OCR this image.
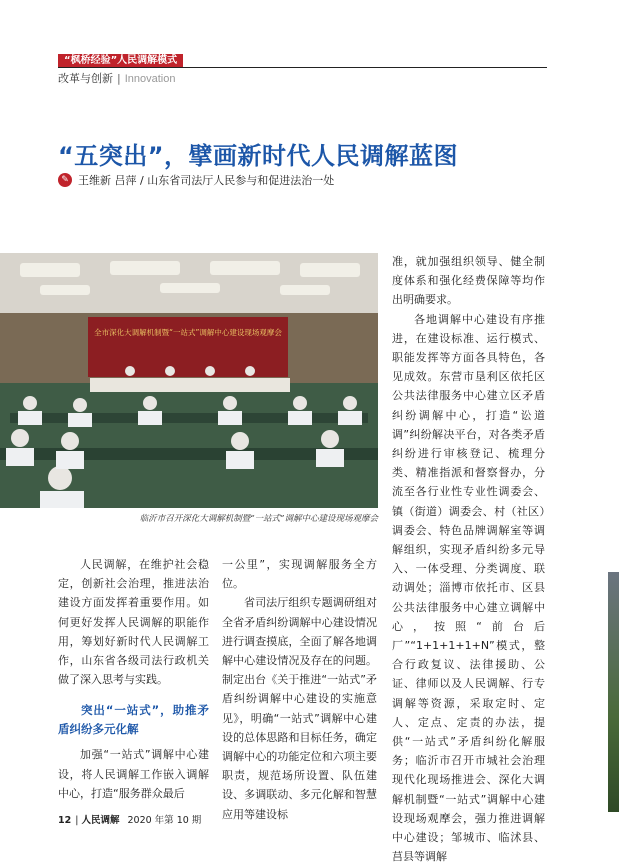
“枫桥经验”人民调解模式
改革与创新 | Innovation
“五突出”，擘画新时代人民调解蓝图
✎ 王维新 吕萍 / 山东省司法厅人民参与和促进法治一处
全市深化大调解机制暨“一站式”调解中心建设现场观摩会
临沂市召开深化大调解机制暨“一站式”调解中心建设现场观摩会

人民调解，在维护社会稳定，创新社会治理，推进法治建设方面发挥着重要作用。如何更好发挥人民调解的职能作用，筹划好新时代人民调解工作，山东省各级司法行政机关做了深入思考与实践。

突出“一站式”，助推矛盾纠纷多元化解

加强“一站式”调解中心建设，将人民调解工作嵌入调解中心，打造“服务群众最后

一公里”，实现调解服务全方位。

省司法厅组织专题调研组对全省矛盾纠纷调解中心建设情况进行调查摸底，全面了解各地调解中心建设情况及存在的问题。制定出台《关于推进“一站式”矛盾纠纷调解中心建设的实施意见》，明确“一站式”调解中心建设的总体思路和目标任务，确定调解中心的功能定位和六项主要职责，规范场所设置、队伍建设、多调联动、多元化解和智慧应用等建设标

准，就加强组织领导、健全制度体系和强化经费保障等均作出明确要求。

各地调解中心建设有序推进，在建设标准、运行模式、职能发挥等方面各具特色，各见成效。东营市垦利区依托区公共法律服务中心建立区矛盾纠纷调解中心，打造“讼道调”纠纷解决平台，对各类矛盾纠纷进行审核登记、梳理分类、精准指派和督察督办，分流至各行业性专业性调委会、镇（街道）调委会、村（社区）调委会、特色品牌调解室等调解组织，实现矛盾纠纷多元导入、一体受理、分类调度、联动调处；淄博市依托市、区县公共法律服务中心建立调解中心，按照“前台后厂”“1+1+1+1+N”模式，整合行政复议、法律援助、公证、律师以及人民调解、行专调解等资源，采取定时、定人、定点、定责的办法，提供“一站式”矛盾纠纷化解服务；临沂市召开市城社会治理现代化现场推进会、深化大调解机制暨“一站式”调解中心建设现场观摩会，强力推进调解中心建设；邹城市、临沭县、莒县等调解

12 | 人民调解 2020 年第 10 期
